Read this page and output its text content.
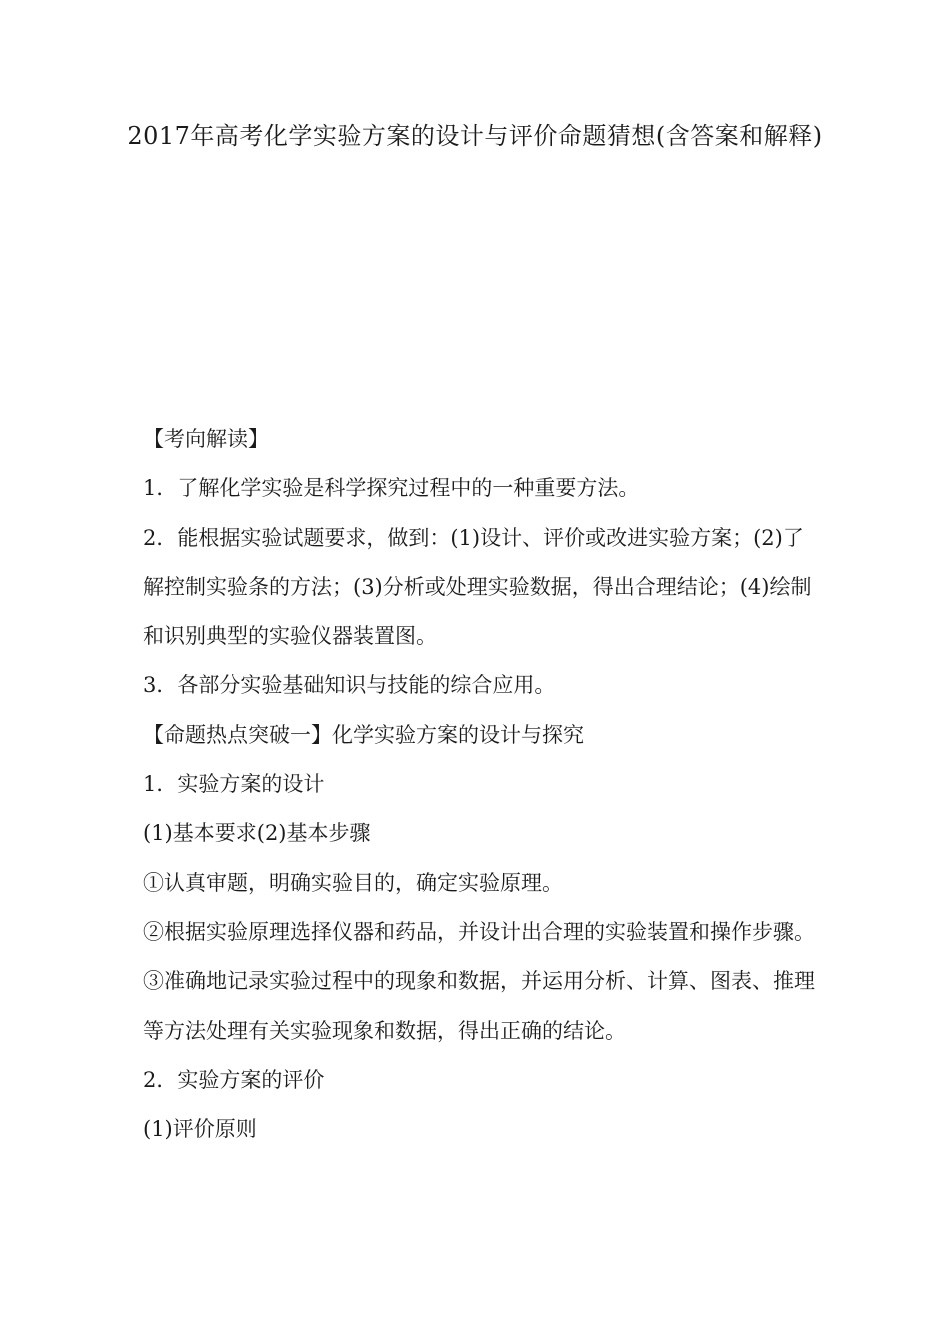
2017年高考化学实验方案的设计与评价命题猜想(含答案和解释)

【考向解读】

1．了解化学实验是科学探究过程中的一种重要方法。

2．能根据实验试题要求，做到：(1)设计、评价或改进实验方案；(2)了解控制实验条的方法；(3)分析或处理实验数据，得出合理结论；(4)绘制和识别典型的实验仪器装置图。

3．各部分实验基础知识与技能的综合应用。

【命题热点突破一】化学实验方案的设计与探究

1．实验方案的设计

(1)基本要求(2)基本步骤

①认真审题，明确实验目的，确定实验原理。

②根据实验原理选择仪器和药品，并设计出合理的实验装置和操作步骤。

③准确地记录实验过程中的现象和数据，并运用分析、计算、图表、推理等方法处理有关实验现象和数据，得出正确的结论。

2．实验方案的评价

(1)评价原则
